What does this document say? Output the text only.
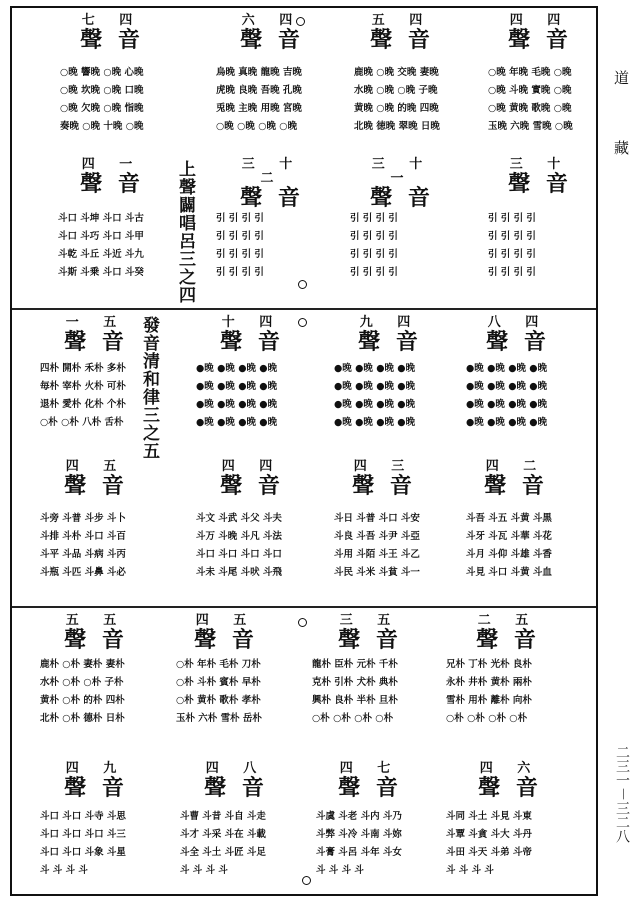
道
藏
二三一－三二八
七 四
聲 音
○晚 響晚 ○晚 心晚
○晚 坎晚 ○晚 口晚
○晚 欠晚 ○晚 恉晚
奏晚 ○晚 十晚 ○晚
六 四
聲 音
烏晚 真晚 龍晚 吉晚
虎晚 良晚 吾晚 孔晚
兎晚 主晚 用晚 宮晚
○晚 ○晚 ○晚 ○晚
五 四
聲 音
鹿晚 ○晚 交晚 妻晚
水晚 ○晚 ○晚 子晚
黄晚 ○晚 的晚 四晚
北晚 徳晚 翠晚 日晚
四 四
聲 音
○晚 年晚 毛晚 ○晚
○晚 斗晚 實晚 ○晚
○晚 黄晚 歌晚 ○晚
玉晚 六晚 雪晚 ○晚
四 一
聲 音
斗口 斗坤 斗口 斗古
斗口 斗巧 斗口 斗甲
斗乾 斗丘 斗近 斗九
斗斯 斗乗 斗口 斗癸
三 十二
聲 音
引 引 引 引
引 引 引 引
引 引 引 引
引 引 引 引
三 十一
聲 音
引 引 引 引
引 引 引 引
引 引 引 引
引 引 引 引
三 十
聲 音
引 引 引 引
引 引 引 引
引 引 引 引
引 引 引 引
上聲闢唱呂三之四
一 五
聲 音
四朴 開朴 禾朴 多朴
毎朴 宰朴 火朴 可朴
退朴 愛朴 化朴 个朴
○朴 ○朴 八朴 舌朴
十 四
聲 音
●晚 ●晚 ●晚 ●晚
●晚 ●晚 ●晚 ●晚
●晚 ●晚 ●晚 ●晚
●晚 ●晚 ●晚 ●晚
九 四
聲 音
●晚 ●晚 ●晚 ●晚
●晚 ●晚 ●晚 ●晚
●晚 ●晚 ●晚 ●晚
●晚 ●晚 ●晚 ●晚
八 四
聲 音
●晚 ●晚 ●晚 ●晚
●晚 ●晚 ●晚 ●晚
●晚 ●晚 ●晚 ●晚
●晚 ●晚 ●晚 ●晚
四 五
聲 音
斗旁 斗普 斗步 斗卜
斗排 斗朴 斗口 斗百
斗平 斗品 斗病 斗丙
斗瓶 斗匹 斗鼻 斗必
四 四
聲 音
斗文 斗武 斗父 斗夫
斗万 斗晚 斗凡 斗法
斗口 斗口 斗口 斗口
斗未 斗尾 斗吠 斗飛
四 三
聲 音
斗日 斗普 斗口 斗安
斗良 斗吾 斗尹 斗亞
斗用 斗陌 斗王 斗乙
斗民 斗米 斗貧 斗一
四 二
聲 音
斗吾 斗五 斗黄 斗黒
斗牙 斗瓦 斗華 斗花
斗月 斗仰 斗雄 斗香
斗見 斗口 斗黄 斗血
發音清和律三之五
五 五
聲 音
鹿朴 ○朴 妻朴 妻朴
水朴 ○朴 ○朴 子朴
黄朴 ○朴 的朴 四朴
北朴 ○朴 德朴 日朴
四 五
聲 音
○朴 年朴 毛朴 刀朴
○朴 斗朴 賓朴 早朴
○朴 黄朴 歌朴 孝朴
玉朴 六朴 雪朴 岳朴
三 五
聲 音
龍朴 臣朴 元朴 千朴
克朴 引朴 犬朴 典朴
興朴 良朴 半朴 旦朴
○朴 ○朴 ○朴 ○朴
二 五
聲 音
兄朴 丁朴 光朴 良朴
永朴 井朴 黄朴 兩朴
雪朴 用朴 離朴 向朴
○朴 ○朴 ○朴 ○朴
四 九
聲 音
斗口 斗口 斗寺 斗思
斗口 斗口 斗口 斗三
斗口 斗口 斗象 斗星
斗 斗 斗 斗
四 八
聲 音
斗曹 斗昔 斗自 斗走
斗才 斗采 斗在 斗載
斗全 斗土 斗匠 斗足
斗 斗 斗 斗
四 七
聲 音
斗虞 斗老 斗内 斗乃
斗弊 斗冷 斗南 斗妳
斗膏 斗呂 斗年 斗女
斗 斗 斗 斗
四 六
聲 音
斗同 斗土 斗見 斗東
斗覃 斗貪 斗大 斗丹
斗田 斗天 斗弟 斗帝
斗 斗 斗 斗
